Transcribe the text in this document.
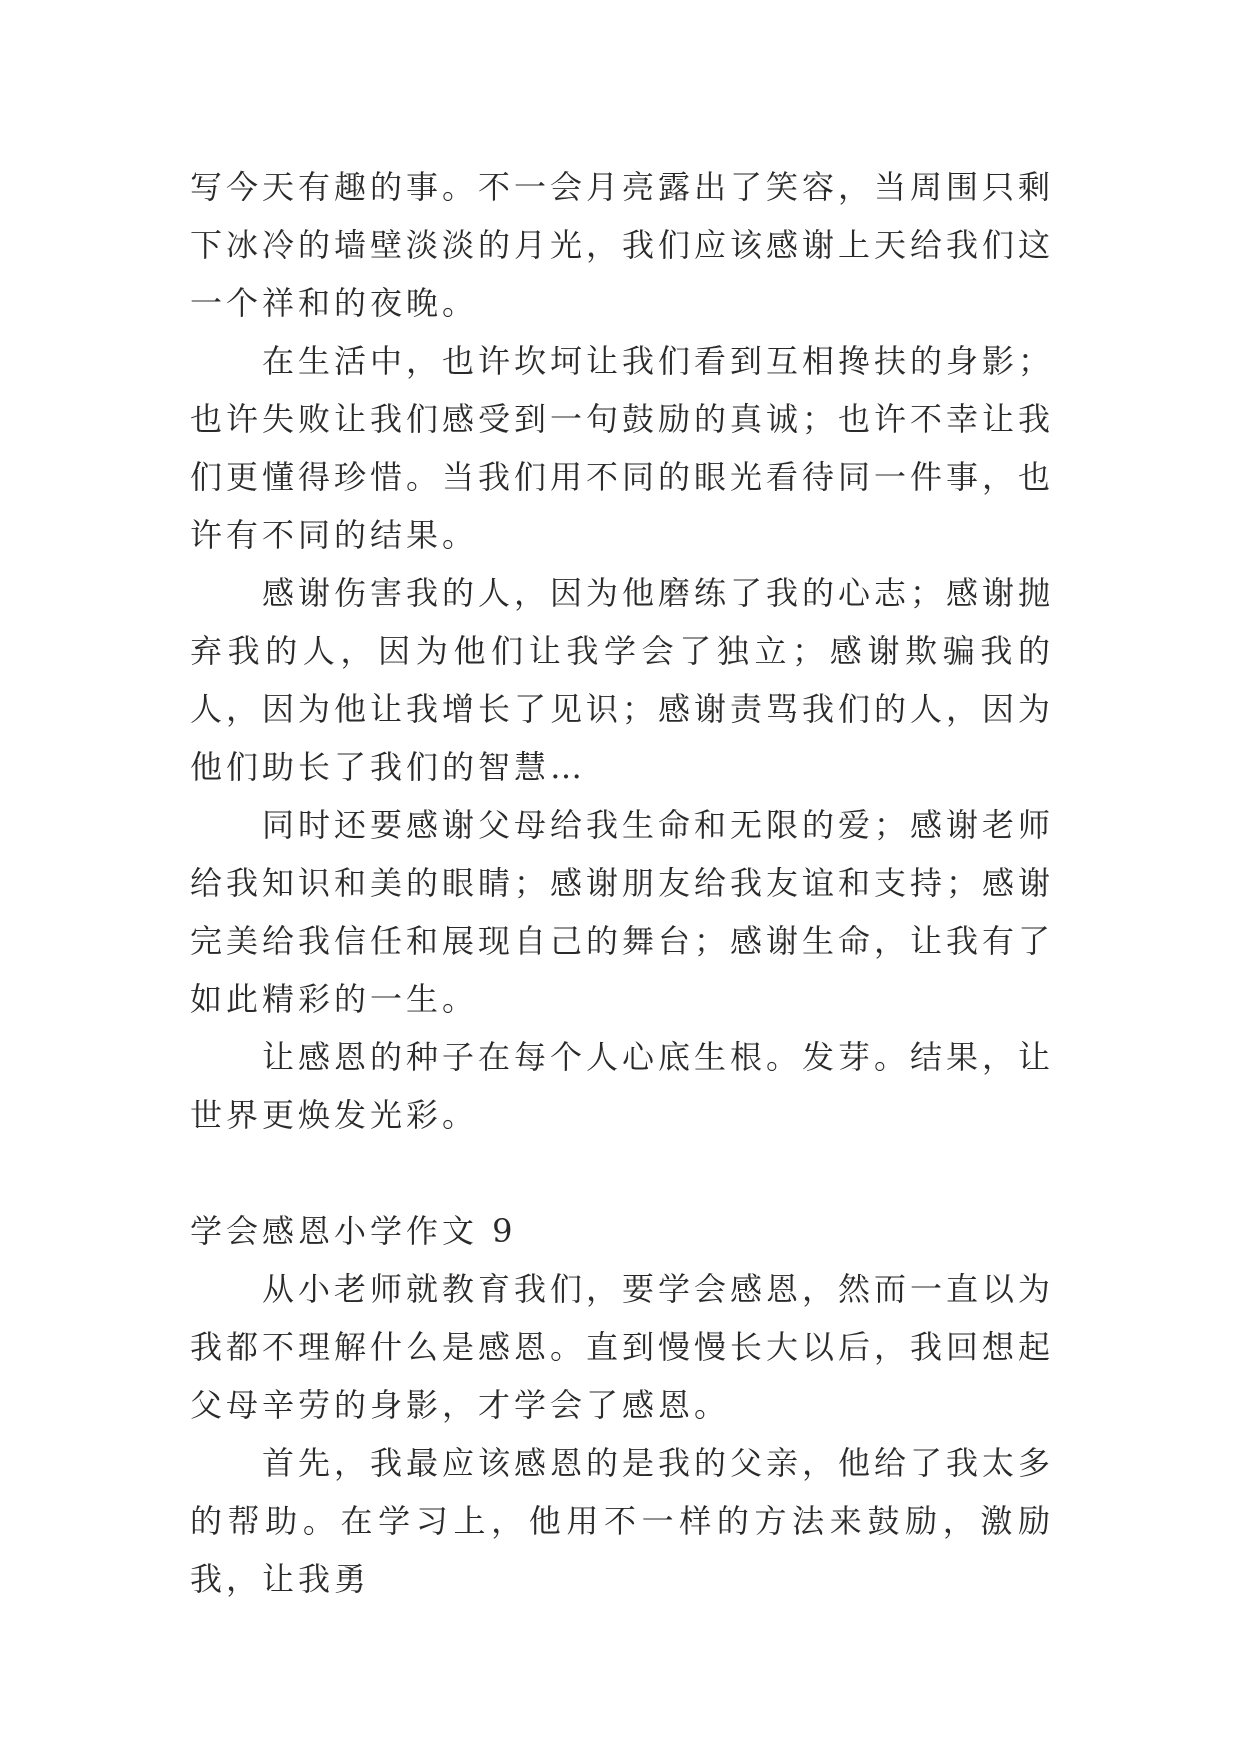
写今天有趣的事。不一会月亮露出了笑容，当周围只剩下冰冷的墙壁淡淡的月光，我们应该感谢上天给我们这一个祥和的夜晚。

在生活中，也许坎坷让我们看到互相搀扶的身影；也许失败让我们感受到一句鼓励的真诚；也许不幸让我们更懂得珍惜。当我们用不同的眼光看待同一件事，也许有不同的结果。

感谢伤害我的人，因为他磨练了我的心志；感谢抛弃我的人，因为他们让我学会了独立；感谢欺骗我的人，因为他让我增长了见识；感谢责骂我们的人，因为他们助长了我们的智慧…

同时还要感谢父母给我生命和无限的爱；感谢老师给我知识和美的眼睛；感谢朋友给我友谊和支持；感谢完美给我信任和展现自己的舞台；感谢生命，让我有了如此精彩的一生。

让感恩的种子在每个人心底生根。发芽。结果，让世界更焕发光彩。

学会感恩小学作文 9

从小老师就教育我们，要学会感恩，然而一直以为我都不理解什么是感恩。直到慢慢长大以后，我回想起父母辛劳的身影，才学会了感恩。

首先，我最应该感恩的是我的父亲，他给了我太多的帮助。在学习上，他用不一样的方法来鼓励，激励我，让我勇
